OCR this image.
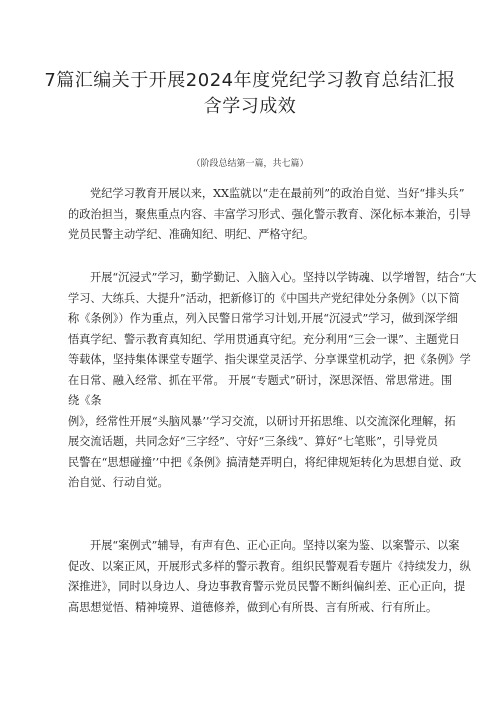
7篇汇编关于开展2024年度党纪学习教育总结汇报
含学习成效
（阶段总结第一篇，共七篇）
党纪学习教育开展以来，XX监就以“走在最前列”的政治自觉、当好“排头兵”
的政治担当，聚焦重点内容、丰富学习形式、强化警示教育、深化标本兼治，引导
党员民警主动学纪、准确知纪、明纪、严格守纪。
开展“沉浸式”学习，勤学勤记、入脑入心。坚持以学铸魂、以学增智，结合“大
学习、大练兵、大提升”活动，把新修订的《中国共产党纪律处分条例》（以下简
称《条例》）作为重点，列入民警日常学习计划,开展“沉浸式”学习，做到深学细
悟真学纪、警示教育真知纪、学用贯通真守纪。充分利用“三会一课”、主题党日
等载体，坚持集体课堂专题学、指尖课堂灵活学、分享课堂机动学，把《条例》学
在日常、融入经常、抓在平常。 开展“专题式”研讨，深思深悟、常思常进。围
绕《条
例》，经常性开展“头脑风暴’’学习交流，以研讨开拓思维、以交流深化理解，拓
展交流话题，共同念好“三字经”、守好“三条线”、算好“七笔账”，引导党员
民警在“思想碰撞’’中把《条例》搞清楚弄明白，将纪律规矩转化为思想自觉、政
治自觉、行动自觉。
开展“案例式”辅导，有声有色、正心正向。坚持以案为鉴、以案警示、以案
促改、以案正风，开展形式多样的警示教育。组织民警观看专题片《持续发力，纵
深推进》，同时以身边人、身边事教育警示党员民警不断纠偏纠差、正心正向，提
高思想觉悟、精神境界、道德修养，做到心有所畏、言有所戒、行有所止。
